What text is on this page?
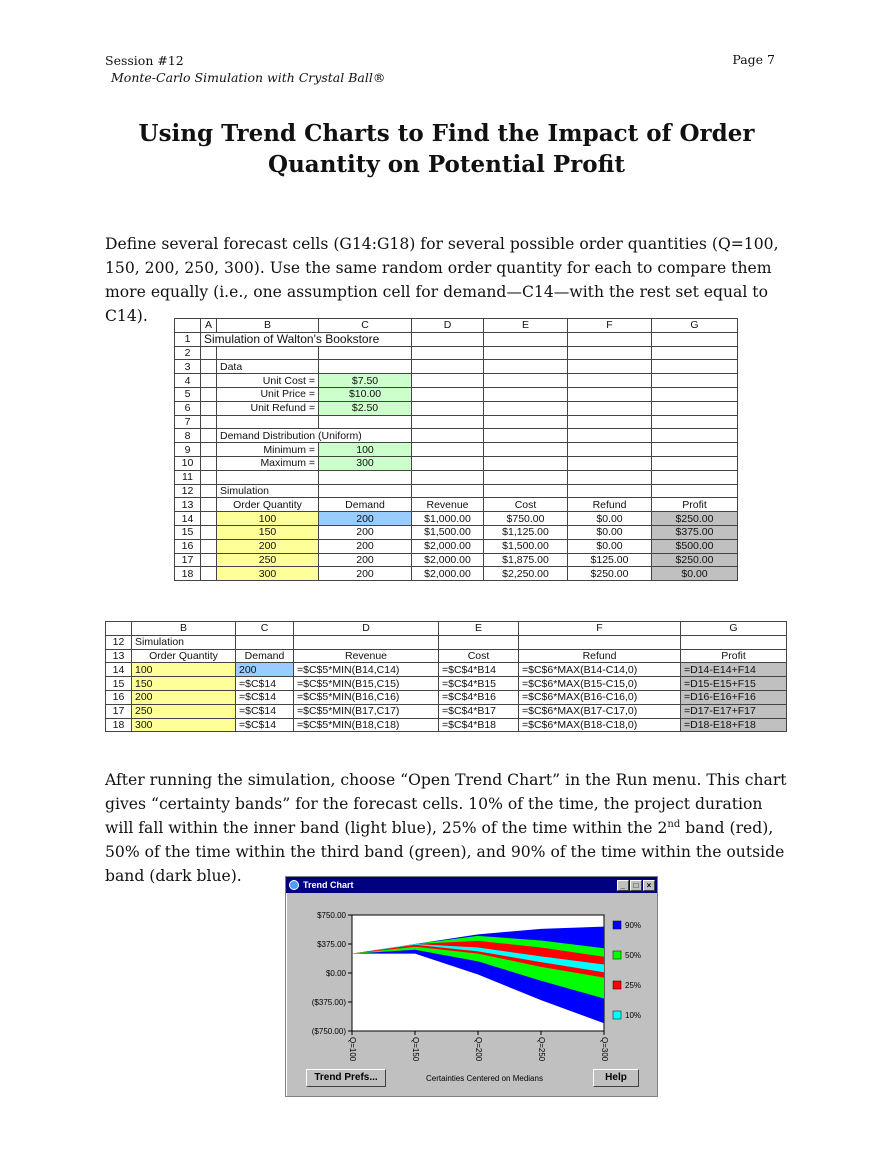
Session #12
Monte-Carlo Simulation with Crystal Ball®
Page 7
Using Trend Charts to Find the Impact of Order
Quantity on Potential Profit
Define several forecast cells (G14:G18) for several possible order quantities (Q=100, 150, 200, 250, 300). Use the same random order quantity for each to compare them more equally (i.e., one assumption cell for demand—C14—with the rest set equal to C14).
	A	B	C	D	E	F	G
1	Simulation of Walton's Bookstore						
2							
3		Data					
4		Unit Cost =	$7.50				
5		Unit Price =	$10.00				
6		Unit Refund =	$2.50				
7							
8		Demand Distribution (Uniform)					
9		Minimum =	100				
10		Maximum =	300				
11							
12		Simulation					
13		Order Quantity	Demand	Revenue	Cost	Refund	Profit
14		100	200	$1,000.00	$750.00	$0.00	$250.00
15		150	200	$1,500.00	$1,125.00	$0.00	$375.00
16		200	200	$2,000.00	$1,500.00	$0.00	$500.00
17		250	200	$2,000.00	$1,875.00	$125.00	$250.00
18		300	200	$2,000.00	$2,250.00	$250.00	$0.00
	B	C	D	E	F	G
12	Simulation					
13	Order Quantity	Demand	Revenue	Cost	Refund	Profit
14	100	200	=$C$5*MIN(B14,C14)	=$C$4*B14	=$C$6*MAX(B14-C14,0)	=D14-E14+F14
15	150	=$C$14	=$C$5*MIN(B15,C15)	=$C$4*B15	=$C$6*MAX(B15-C15,0)	=D15-E15+F15
16	200	=$C$14	=$C$5*MIN(B16,C16)	=$C$4*B16	=$C$6*MAX(B16-C16,0)	=D16-E16+F16
17	250	=$C$14	=$C$5*MIN(B17,C17)	=$C$4*B17	=$C$6*MAX(B17-C17,0)	=D17-E17+F17
18	300	=$C$14	=$C$5*MIN(B18,C18)	=$C$4*B18	=$C$6*MAX(B18-C18,0)	=D18-E18+F18
After running the simulation, choose “Open Trend Chart” in the Run menu. This chart gives “certainty bands” for the forecast cells. 10% of the time, the project duration will fall within the inner band (light blue), 25% of the time within the 2nd band (red), 50% of the time within the third band (green), and 90% of the time within the outside band (dark blue).	Trend Chart	_	□	×
$750.00
$375.00
$0.00
($375.00)
($750.00)
Q=100	Q=150	Q=200	Q=250	Q=300
90%
50%
25%
10%
Trend Prefs...	Certainties Centered on Medians	Help
